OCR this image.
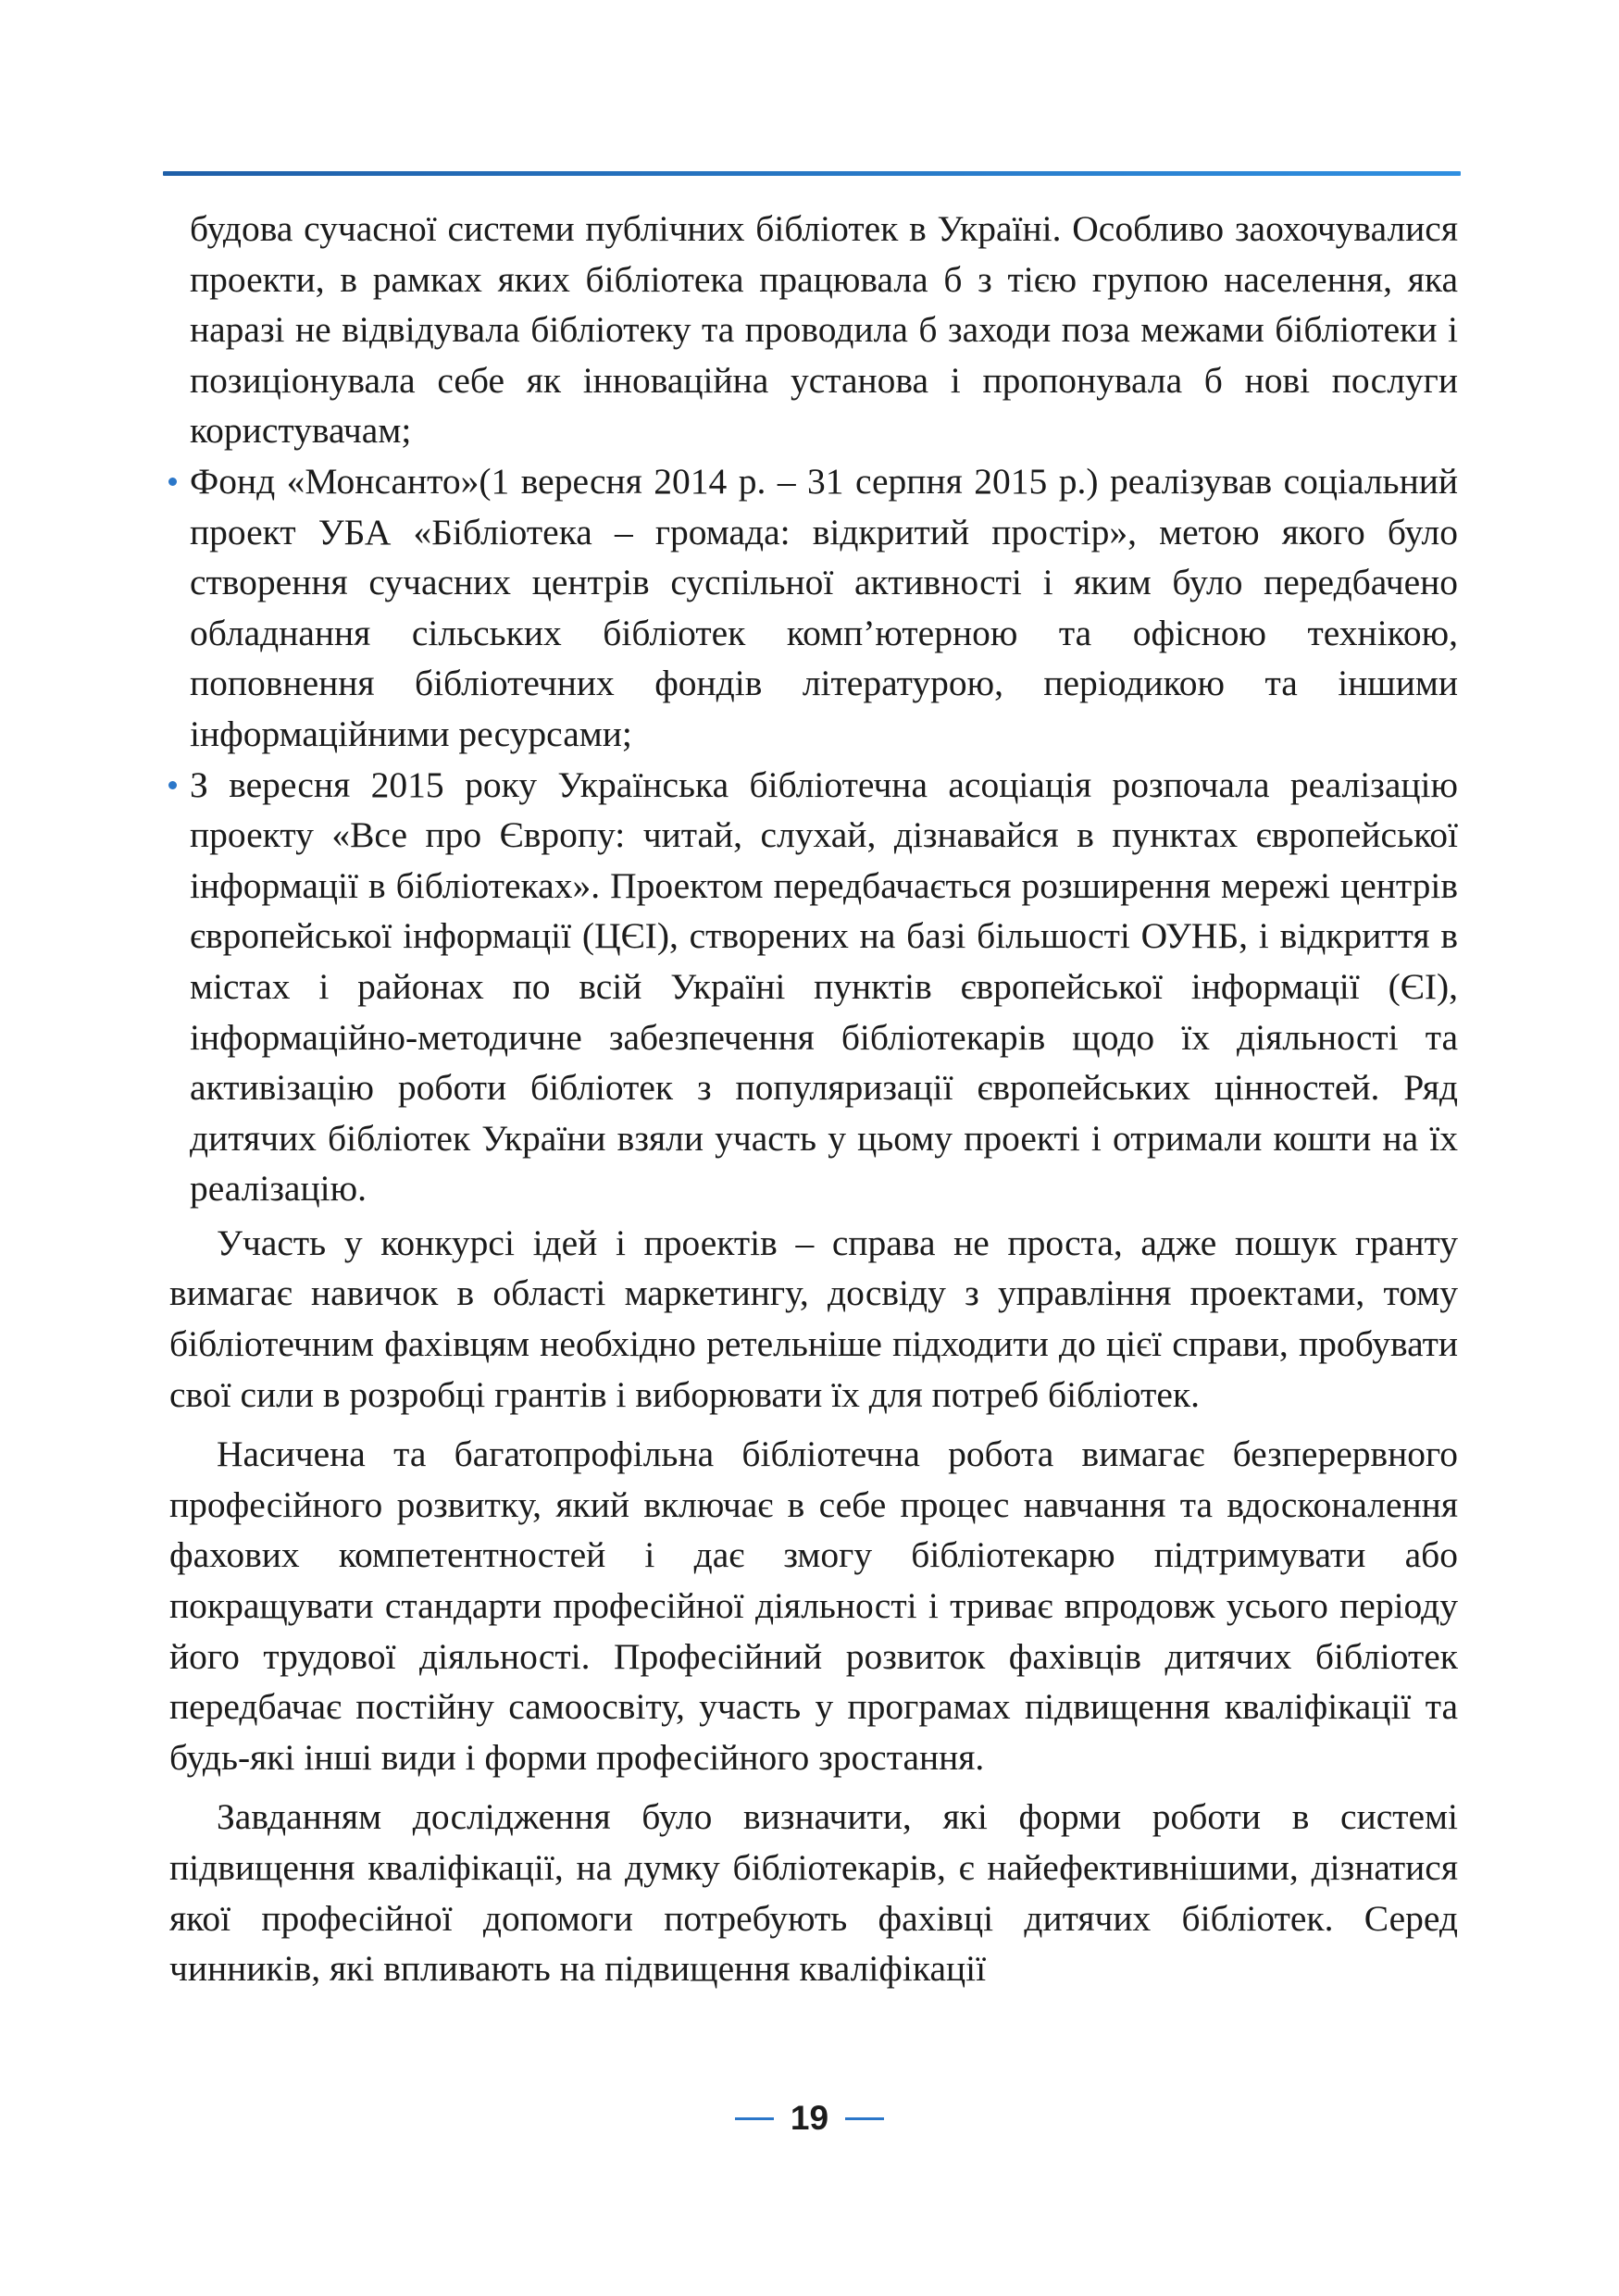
будова сучасної системи публічних бібліотек в Україні. Особливо заохочувалися проекти, в рамках яких бібліотека працювала б з тією групою населення, яка наразі не відвідувала бібліотеку та проводила б заходи поза межами бібліотеки і позиціонувала себе як інноваційна установа і пропонувала б нові послуги користувачам;

Фонд «Монсанто»(1 вересня 2014 р. – 31 серпня 2015 р.) реалізував соціальний проект УБА «Бібліотека – громада: відкритий простір», метою якого було створення сучасних центрів суспільної активності і яким було передбачено обладнання сільських бібліотек комп’ютерною та офісною технікою, поповнення бібліотечних фондів літературою, періодикою та іншими інформаційними ресурсами;

З вересня 2015 року Українська бібліотечна асоціація розпочала реалізацію проекту «Все про Європу: читай, слухай, дізнавайся в пунктах європейської інформації в бібліотеках». Проектом передбачається розширення мережі центрів європейської інформації (ЦЄІ), створених на базі більшості ОУНБ, і відкриття в містах і районах по всій Україні пунктів європейської інформації (ЄІ), інформаційно-методичне забезпечення бібліотекарів щодо їх діяльності та активізацію роботи бібліотек з популяризації європейських цінностей. Ряд дитячих бібліотек України взяли участь у цьому проекті і отримали кошти на їх реалізацію.

Участь у конкурсі ідей і проектів – справа не проста, адже пошук гранту вимагає навичок в області маркетингу, досвіду з управління проектами, тому бібліотечним фахівцям необхідно ретельніше підходити до цієї справи, пробувати свої сили в розробці грантів і виборювати їх для потреб бібліотек.

Насичена та багатопрофільна бібліотечна робота вимагає безперервного професійного розвитку, який включає в себе процес навчання та вдосконалення фахових компетентностей і дає змогу бібліотекарю підтримувати або покращувати стандарти професійної діяльності і триває впродовж усього періоду його трудової діяльності. Професійний розвиток фахівців дитячих бібліотек передбачає постійну самоосвіту, участь у програмах підвищення кваліфікації та будь-які інші види і форми професійного зростання.

Завданням дослідження було визначити, які форми роботи в системі підвищення кваліфікації, на думку бібліотекарів, є найефективнішими, дізнатися якої професійної допомоги потребують фахівці дитячих бібліотек. Серед чинників, які впливають на підвищення кваліфікації

19
